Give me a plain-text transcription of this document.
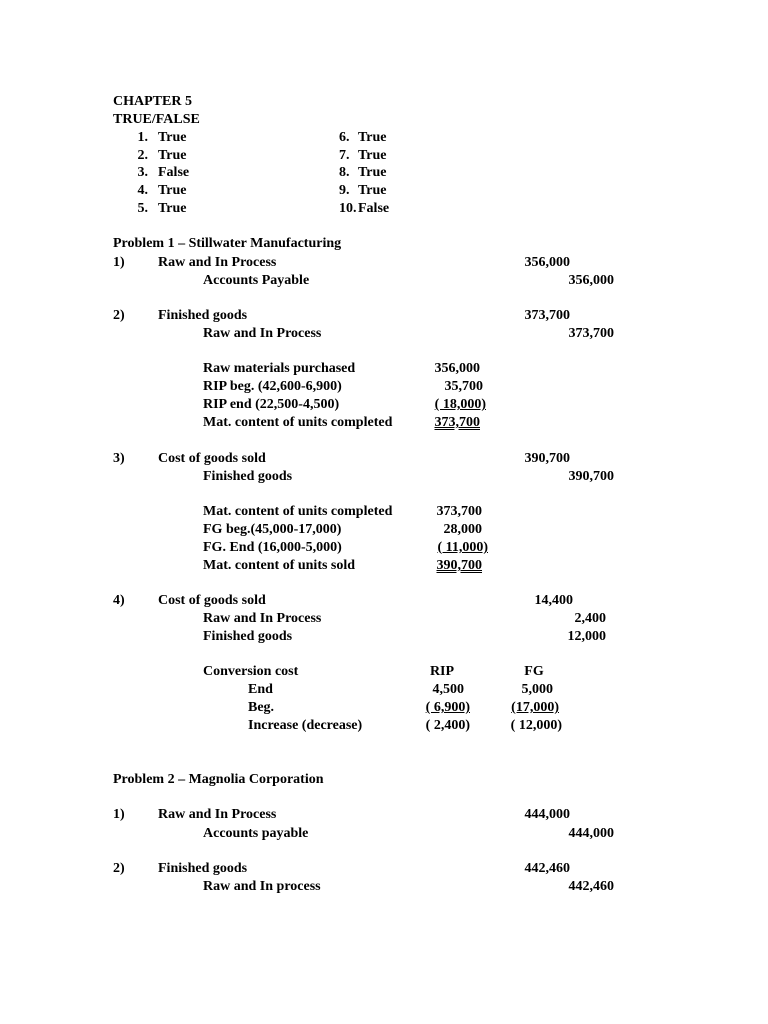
CHAPTER 5
TRUE/FALSE
1. True
2. True
3. False
4. True
5. True
6. True
7. True
8. True
9. True
10. False
Problem 1 – Stillwater Manufacturing
1) Raw and In Process	356,000
Accounts Payable	356,000
2) Finished goods	373,700
Raw and In Process	373,700
Raw materials purchased	356,000
RIP beg. (42,600-6,900)	35,700
RIP end (22,500-4,500)	( 18,000)
Mat. content of units completed	373,700
3) Cost of goods sold	390,700
Finished goods	390,700
Mat. content of units completed	373,700
FG beg.(45,000-17,000)	28,000
FG. End (16,000-5,000)	( 11,000)
Mat. content of units sold	390,700
4) Cost of goods sold	14,400
Raw and In Process	2,400
Finished goods	12,000
Conversion cost	RIP	FG
End	4,500	5,000
Beg.	( 6,900)	(17,000)
Increase (decrease)	( 2,400)	( 12,000)
Problem 2 – Magnolia Corporation
1) Raw and In Process	444,000
Accounts payable	444,000
2) Finished goods	442,460
Raw and In process	442,460
